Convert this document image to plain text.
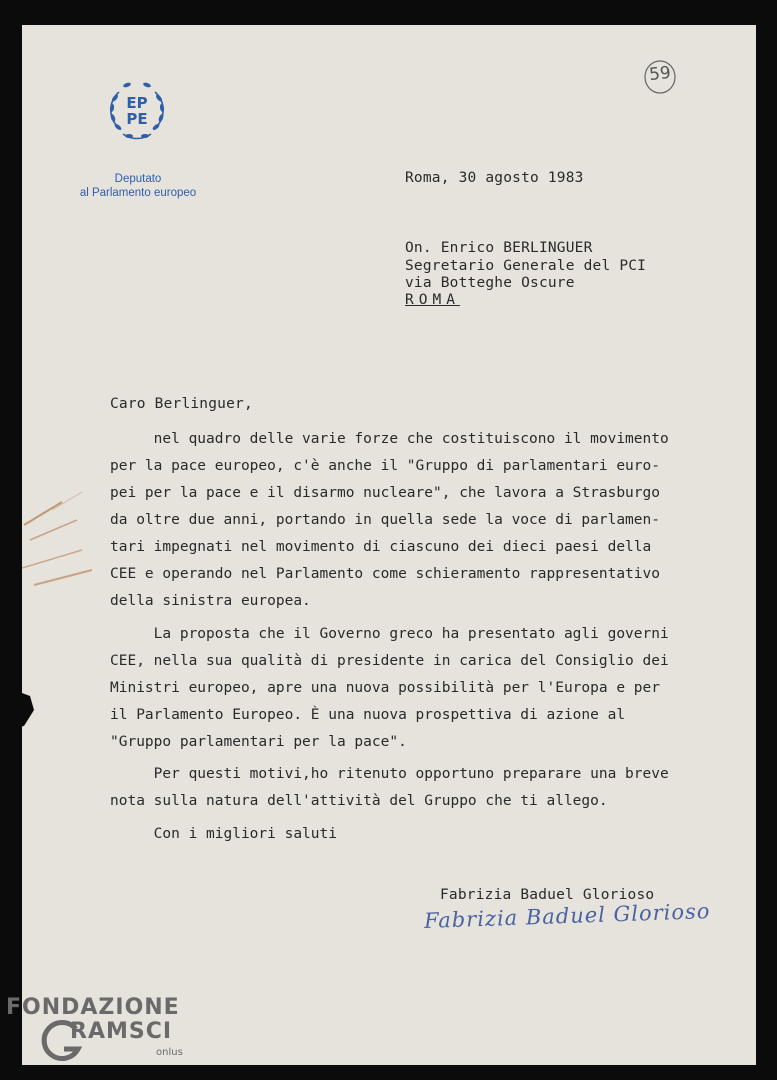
EP
PE
Deputato
al Parlamento europeo
59
Roma, 30 agosto 1983
On. Enrico BERLINGUER
Segretario Generale del PCI
via Botteghe Oscure
ROMA
Caro Berlinguer,
nel quadro delle varie forze che costituiscono il movimento
per la pace europeo, c'è anche il "Gruppo di parlamentari euro-
pei per la pace e il disarmo nucleare", che lavora a Strasburgo
da oltre due anni, portando in quella sede la voce di parlamen-
tari impegnati nel movimento di ciascuno dei dieci paesi della
CEE e operando nel Parlamento come schieramento rappresentativo
della sinistra europea.
La proposta che il Governo greco ha presentato agli governi
CEE, nella sua qualità di presidente in carica del Consiglio dei
Ministri europeo, apre una nuova possibilità per l'Europa e per
il Parlamento Europeo. È una nuova prospettiva di azione al
"Gruppo parlamentari per la pace".
Per questi motivi,ho ritenuto opportuno preparare una breve
nota sulla natura dell'attività del Gruppo che ti allego.
Con i migliori saluti
Fabrizia Baduel Glorioso
Fabrizia Baduel Glorioso
FONDAZIONE
RAMSCI
onlus
